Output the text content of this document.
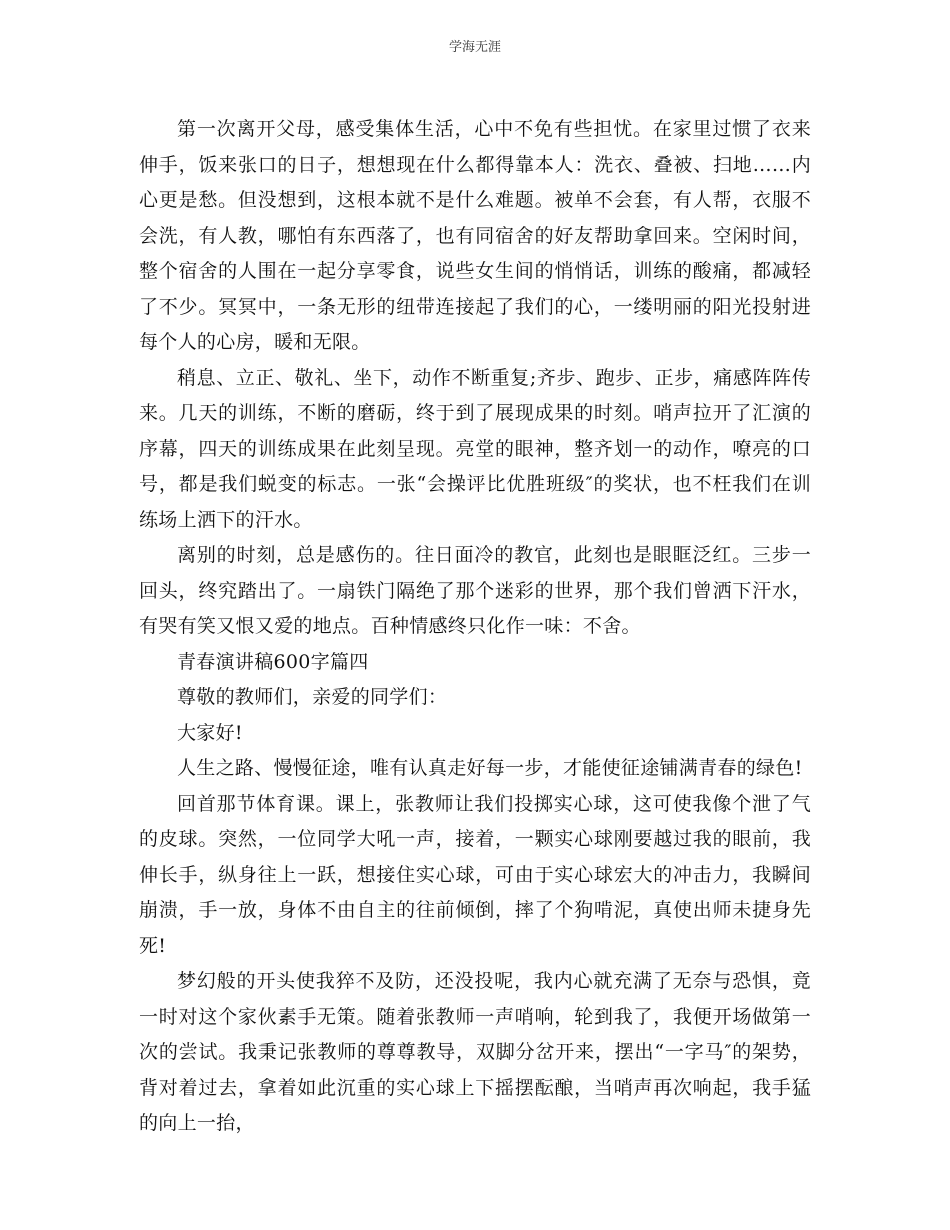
学海无涯

第一次离开父母，感受集体生活，心中不免有些担忧。在家里过惯了衣来伸手，饭来张口的日子，想想现在什么都得靠本人：洗衣、叠被、扫地……内心更是愁。但没想到，这根本就不是什么难题。被单不会套，有人帮，衣服不会洗，有人教，哪怕有东西落了，也有同宿舍的好友帮助拿回来。空闲时间，整个宿舍的人围在一起分享零食，说些女生间的悄悄话，训练的酸痛，都减轻了不少。冥冥中，一条无形的纽带连接起了我们的心，一缕明丽的阳光投射进每个人的心房，暖和无限。

稍息、立正、敬礼、坐下，动作不断重复;齐步、跑步、正步，痛感阵阵传来。几天的训练，不断的磨砺，终于到了展现成果的时刻。哨声拉开了汇演的序幕，四天的训练成果在此刻呈现。亮堂的眼神，整齐划一的动作，嘹亮的口号，都是我们蜕变的标志。一张“会操评比优胜班级″的奖状，也不枉我们在训练场上洒下的汗水。

离别的时刻，总是感伤的。往日面冷的教官，此刻也是眼眶泛红。三步一回头，终究踏出了。一扇铁门隔绝了那个迷彩的世界，那个我们曾洒下汗水，有哭有笑又恨又爱的地点。百种情感终只化作一味：不舍。

青春演讲稿600字篇四

尊敬的教师们，亲爱的同学们：

大家好!

人生之路、慢慢征途，唯有认真走好每一步，才能使征途铺满青春的绿色!

回首那节体育课。课上，张教师让我们投掷实心球，这可使我像个泄了气的皮球。突然，一位同学大吼一声，接着，一颗实心球刚要越过我的眼前，我伸长手，纵身往上一跃，想接住实心球，可由于实心球宏大的冲击力，我瞬间崩溃，手一放，身体不由自主的往前倾倒，摔了个狗啃泥，真使出师未捷身先死!

梦幻般的开头使我猝不及防，还没投呢，我内心就充满了无奈与恐惧，竟一时对这个家伙素手无策。随着张教师一声哨响，轮到我了，我便开场做第一次的尝试。我秉记张教师的尊尊教导，双脚分岔开来，摆出“一字马″的架势，背对着过去，拿着如此沉重的实心球上下摇摆酝酿，当哨声再次响起，我手猛的向上一抬，
